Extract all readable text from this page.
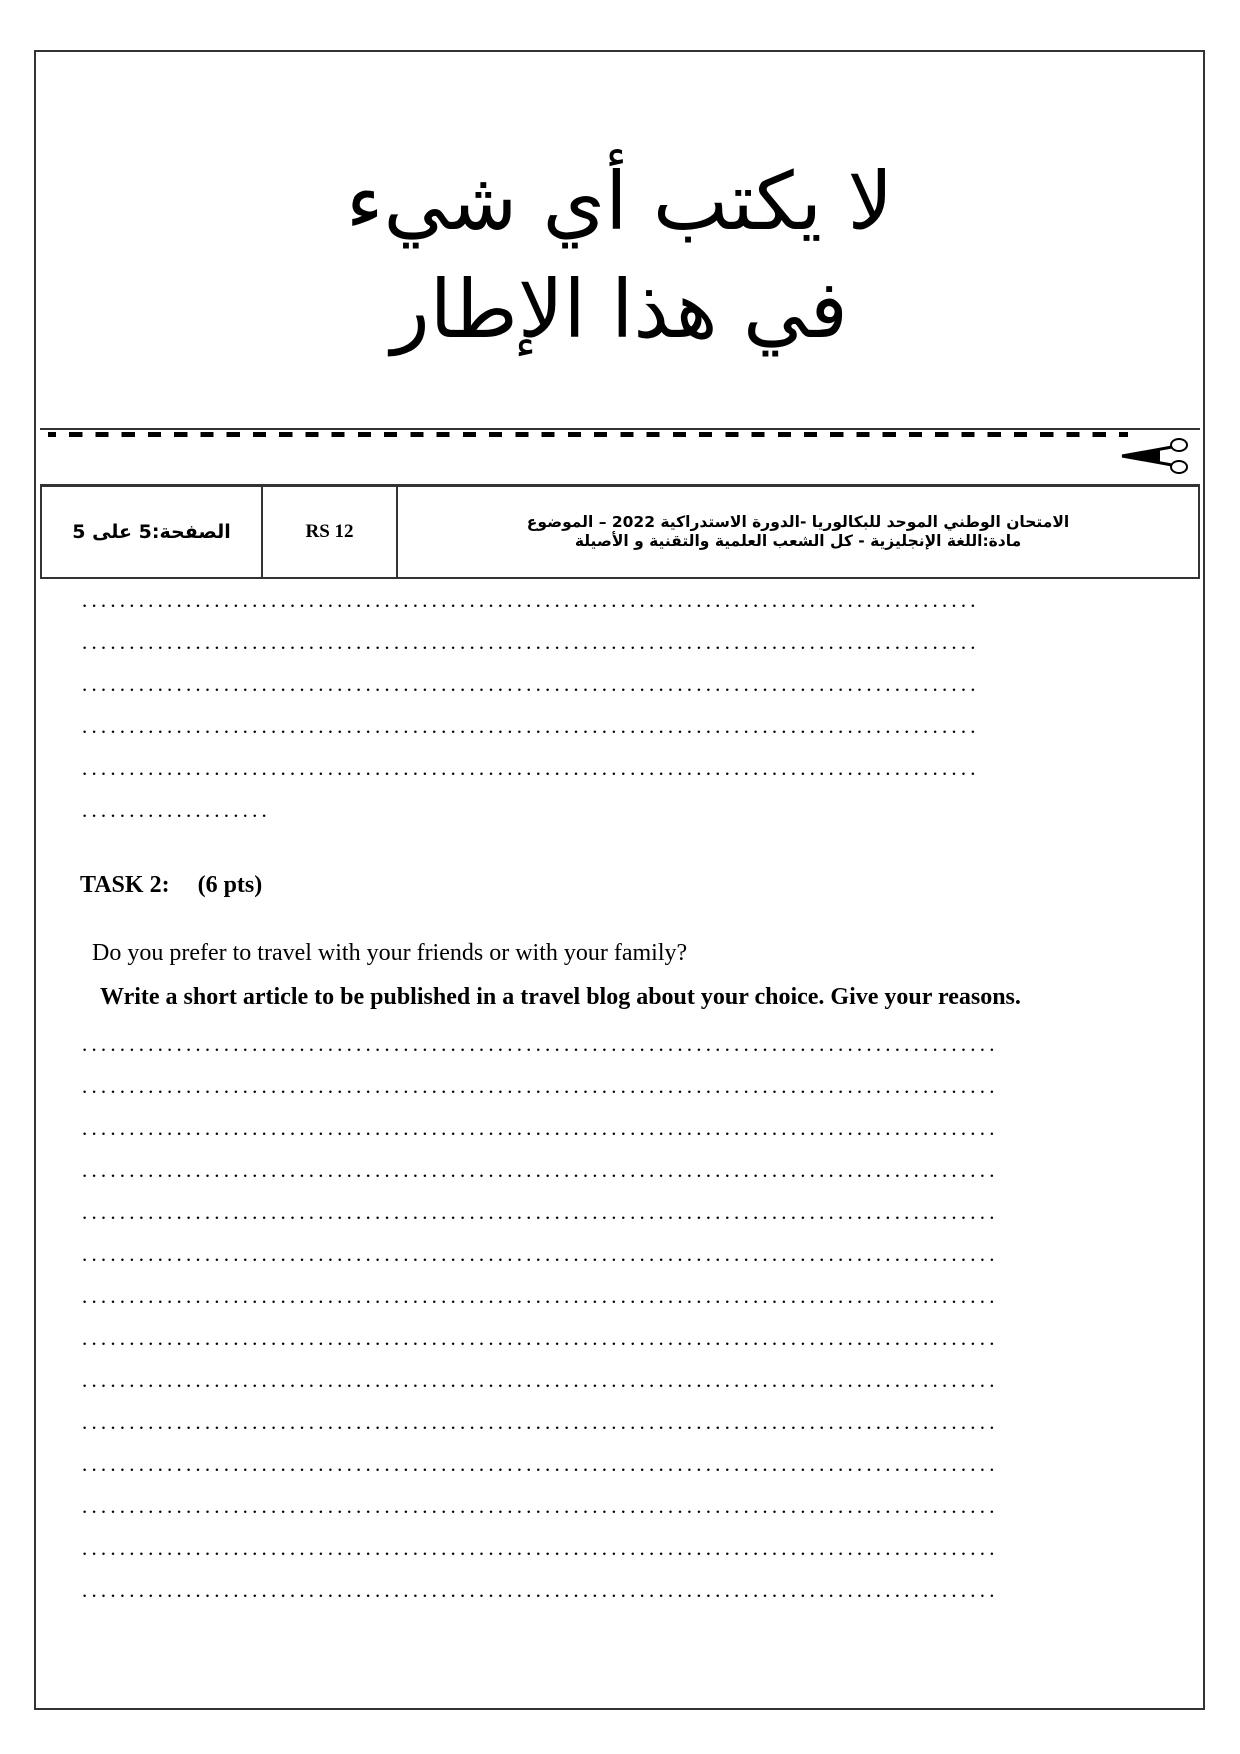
لا يكتب أي شيء
في هذا الإطار
الصفحة:5 على 5	RS 12	الامتحان الوطني الموحد للبكالوريا -الدورة الاستدراكية 2022 – الموضوع
مادة:اللغة الإنجليزية - كل الشعب العلمية والتقنية و الأصيلة
...............................................................................................
...............................................................................................
...............................................................................................
...............................................................................................
...............................................................................................
....................
TASK 2: (6 pts)
Do you prefer to travel with your friends or with your family?
Write a short article to be published in a travel blog about your choice. Give your reasons.
.................................................................................................
.................................................................................................
.................................................................................................
.................................................................................................
.................................................................................................
.................................................................................................
.................................................................................................
.................................................................................................
.................................................................................................
.................................................................................................
.................................................................................................
.................................................................................................
.................................................................................................
.................................................................................................
